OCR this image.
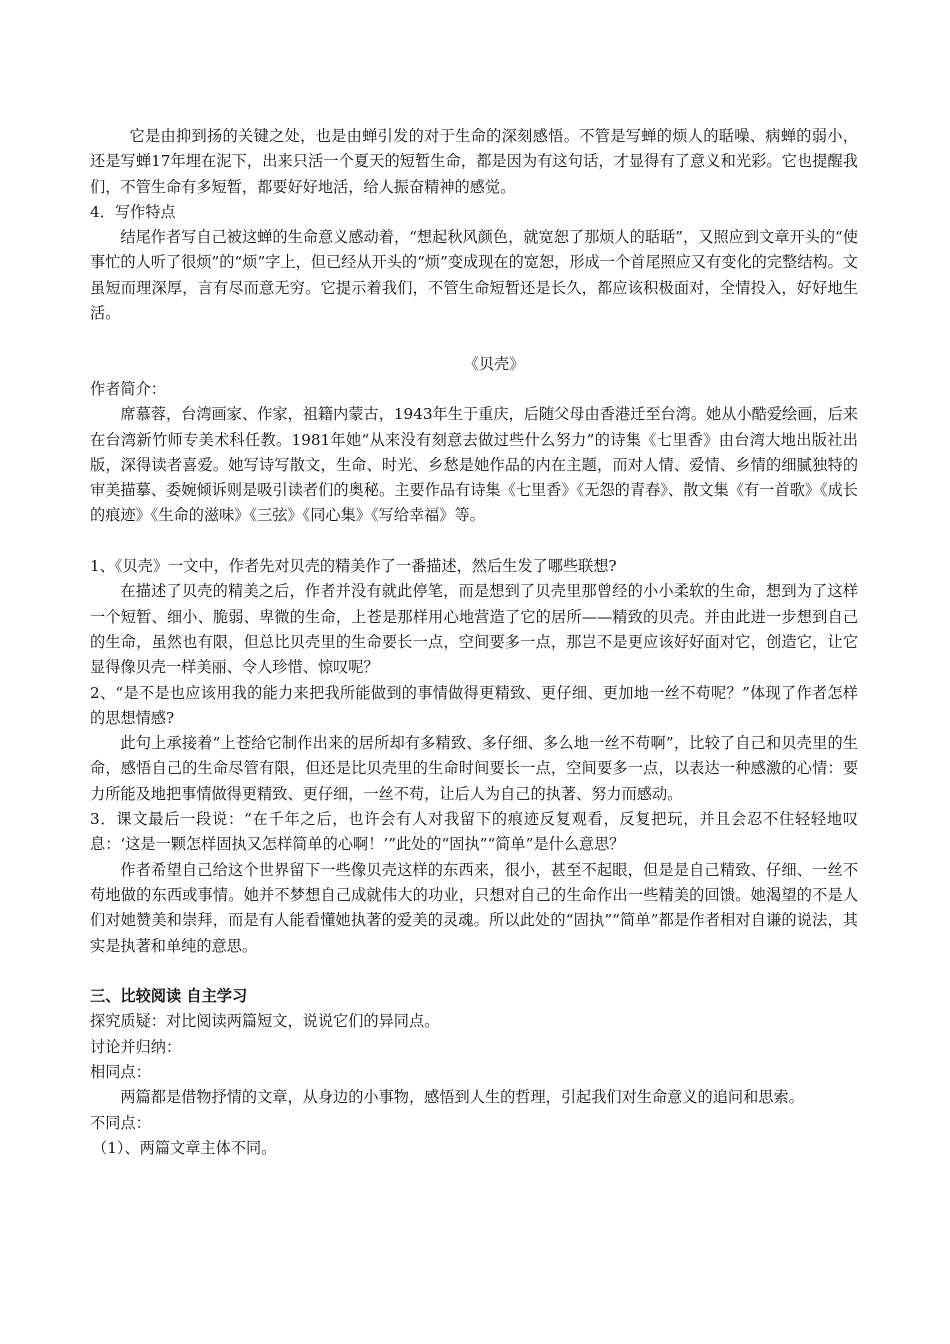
它是由抑到扬的关键之处，也是由蝉引发的对于生命的深刻感悟。不管是写蝉的烦人的聒噪、病蝉的弱小，还是写蝉17年埋在泥下，出来只活一个夏天的短暂生命，都是因为有这句话，才显得有了意义和光彩。它也提醒我们，不管生命有多短暂，都要好好地活，给人振奋精神的感觉。

4．写作特点

结尾作者写自己被这蝉的生命意义感动着，“想起秋风颜色，就宽恕了那烦人的聒聒”，又照应到文章开头的“使事忙的人听了很烦”的“烦”字上，但已经从开头的“烦”变成现在的宽恕，形成一个首尾照应又有变化的完整结构。文虽短而理深厚，言有尽而意无穷。它提示着我们，不管生命短暂还是长久，都应该积极面对，全情投入，好好地生活。

《贝壳》

作者简介：

席慕蓉，台湾画家、作家，祖籍内蒙古，1943年生于重庆，后随父母由香港迁至台湾。她从小酷爱绘画，后来在台湾新竹师专美术科任教。1981年她“从来没有刻意去做过些什么努力”的诗集《七里香》由台湾大地出版社出版，深得读者喜爱。她写诗写散文，生命、时光、乡愁是她作品的内在主题，而对人情、爱情、乡情的细腻独特的审美描摹、委婉倾诉则是吸引读者们的奥秘。主要作品有诗集《七里香》《无怨的青春》、散文集《有一首歌》《成长的痕迹》《生命的滋味》《三弦》《同心集》《写给幸福》等。

1、《贝壳》一文中，作者先对贝壳的精美作了一番描述，然后生发了哪些联想?

在描述了贝壳的精美之后，作者并没有就此停笔，而是想到了贝壳里那曾经的小小柔软的生命，想到为了这样一个短暂、细小、脆弱、卑微的生命，上苍是那样用心地营造了它的居所——精致的贝壳。并由此进一步想到自己的生命，虽然也有限，但总比贝壳里的生命要长一点，空间要多一点，那岂不是更应该好好面对它，创造它，让它显得像贝壳一样美丽、令人珍惜、惊叹呢？

2、“是不是也应该用我的能力来把我所能做到的事情做得更精致、更仔细、更加地一丝不苟呢？”体现了作者怎样的思想情感?

此句上承接着“上苍给它制作出来的居所却有多精致、多仔细、多么地一丝不苟啊”，比较了自己和贝壳里的生命，感悟自己的生命尽管有限，但还是比贝壳里的生命时间要长一点，空间要多一点，以表达一种感激的心情：要力所能及地把事情做得更精致、更仔细，一丝不苟，让后人为自己的执著、努力而感动。

3．课文最后一段说：“在千年之后，也许会有人对我留下的痕迹反复观看，反复把玩，并且会忍不住轻轻地叹息：‘这是一颗怎样固执又怎样简单的心啊！’”此处的“固执”“简单”是什么意思？

作者希望自己给这个世界留下一些像贝壳这样的东西来，很小，甚至不起眼，但是是自己精致、仔细、一丝不苟地做的东西或事情。她并不梦想自己成就伟大的功业，只想对自己的生命作出一些精美的回馈。她渴望的不是人们对她赞美和崇拜，而是有人能看懂她执著的爱美的灵魂。所以此处的“固执”“简单”都是作者相对自谦的说法，其实是执著和单纯的意思。

三、比较阅读 自主学习

探究质疑：对比阅读两篇短文，说说它们的异同点。

讨论并归纳：

相同点：

两篇都是借物抒情的文章，从身边的小事物，感悟到人生的哲理，引起我们对生命意义的追问和思索。

不同点：

（1）、两篇文章主体不同。
